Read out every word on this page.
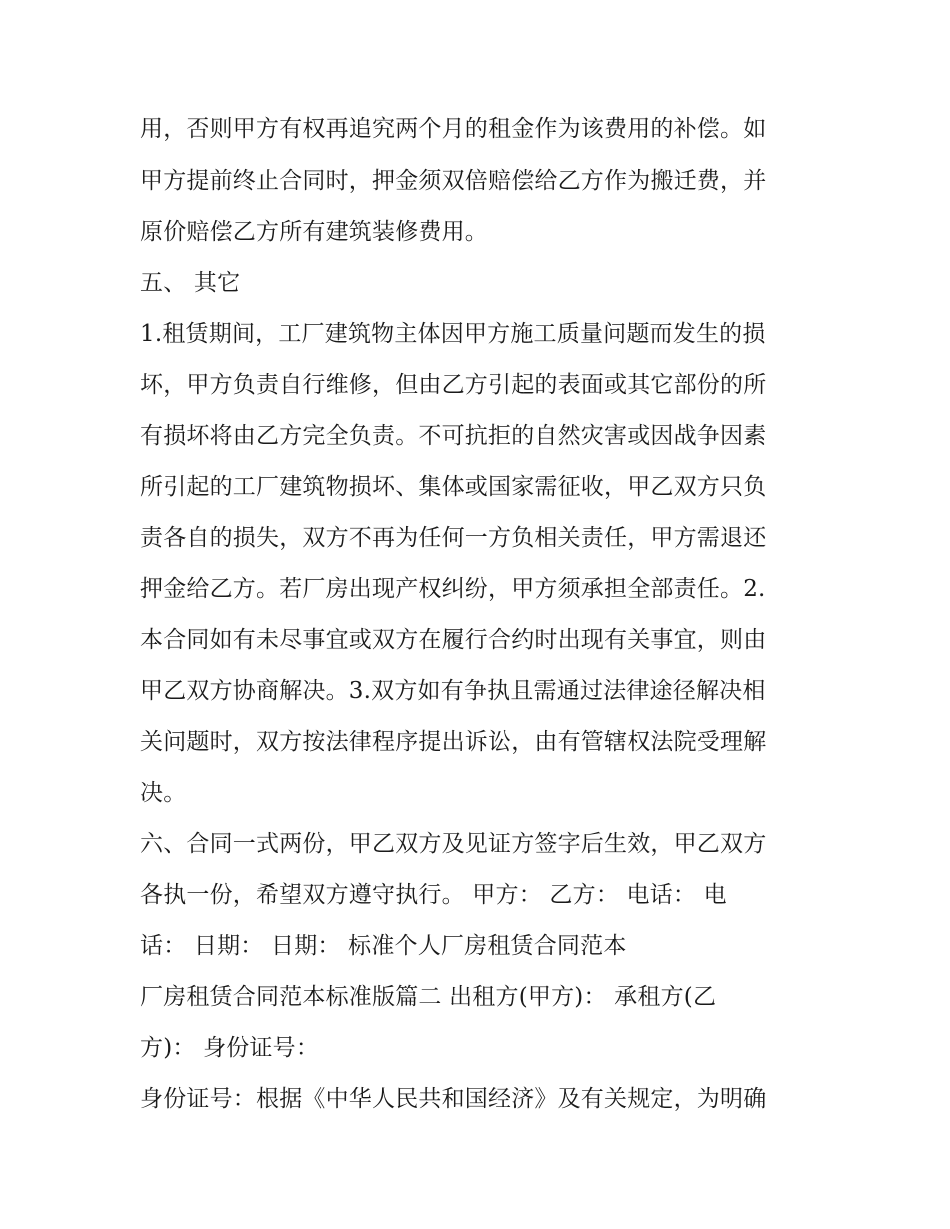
用，否则甲方有权再追究两个月的租金作为该费用的补偿。如
甲方提前终止合同时，押金须双倍赔偿给乙方作为搬迁费，并
原价赔偿乙方所有建筑装修费用。
五、 其它
1.租赁期间，工厂建筑物主体因甲方施工质量问题而发生的损
坏，甲方负责自行维修，但由乙方引起的表面或其它部份的所
有损坏将由乙方完全负责。不可抗拒的自然灾害或因战争因素
所引起的工厂建筑物损坏、集体或国家需征收，甲乙双方只负
责各自的损失，双方不再为任何一方负相关责任，甲方需退还
押金给乙方。若厂房出现产权纠纷，甲方须承担全部责任。2.
本合同如有未尽事宜或双方在履行合约时出现有关事宜，则由
甲乙双方协商解决。3.双方如有争执且需通过法律途径解决相
关问题时，双方按法律程序提出诉讼，由有管辖权法院受理解
决。
六、合同一式两份，甲乙双方及见证方签字后生效，甲乙双方
各执一份，希望双方遵守执行。 甲方： 乙方： 电话： 电
话： 日期： 日期： 标准个人厂房租赁合同范本
厂房租赁合同范本标准版篇二 出租方(甲方)： 承租方(乙
方)： 身份证号：
身份证号：根据《中华人民共和国经济》及有关规定，为明确
